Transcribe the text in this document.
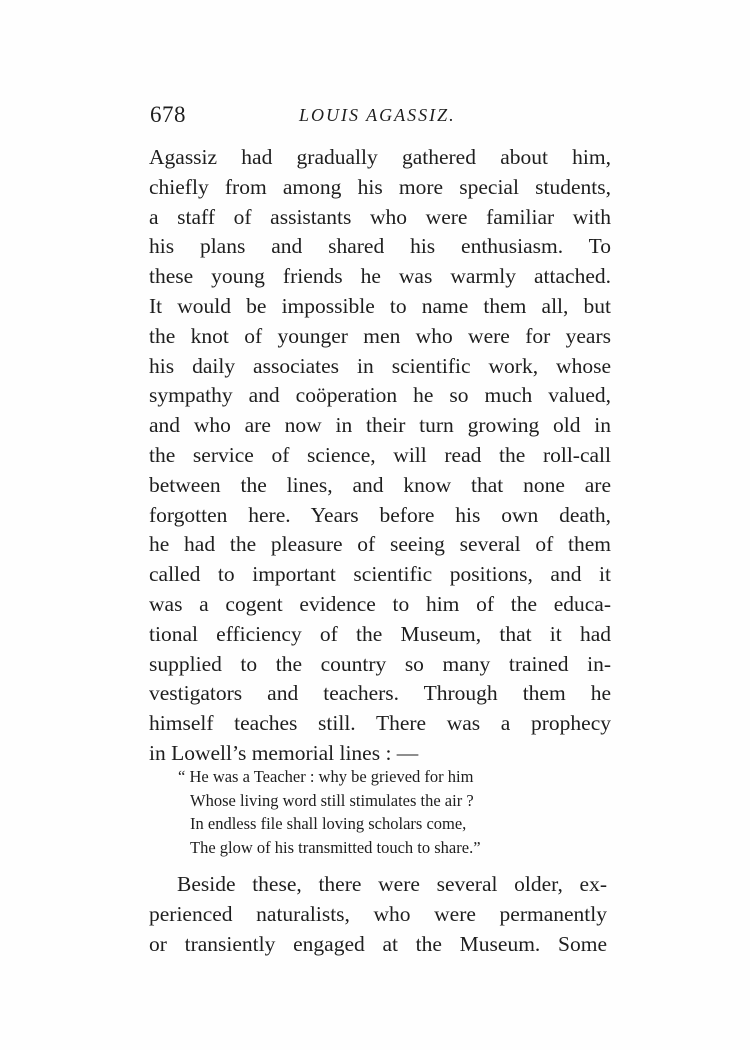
678	LOUIS AGASSIZ.
Agassiz had gradually gathered about him,
chiefly from among his more special students,
a staff of assistants who were familiar with
his plans and shared his enthusiasm. To
these young friends he was warmly attached.
It would be impossible to name them all, but
the knot of younger men who were for years
his daily associates in scientific work, whose
sympathy and coöperation he so much valued,
and who are now in their turn growing old in
the service of science, will read the roll-call
between the lines, and know that none are
forgotten here. Years before his own death,
he had the pleasure of seeing several of them
called to important scientific positions, and it
was a cogent evidence to him of the educa-
tional efficiency of the Museum, that it had
supplied to the country so many trained in-
vestigators and teachers. Through them he
himself teaches still. There was a prophecy
in Lowell’s memorial lines : —
“ He was a Teacher : why be grieved for him
Whose living word still stimulates the air ?
In endless file shall loving scholars come,
The glow of his transmitted touch to share.”
Beside these, there were several older, ex-
perienced naturalists, who were permanently
or transiently engaged at the Museum. Some
